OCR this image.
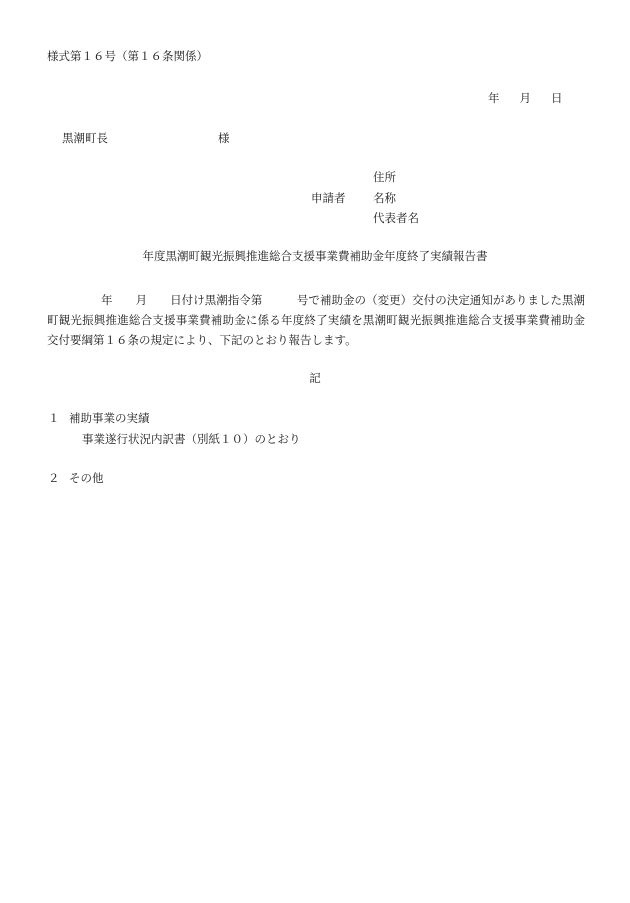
様式第１６号（第１６条関係）
年 月 日
黒潮町長	様
住所
申請者 名称
代表者名
年度黒潮町観光振興推進総合支援事業費補助金年度終了実績報告書
年　　月　　日付け黒潮指令第　　　号で補助金の（変更）交付の決定通知がありました黒潮町観光振興推進総合支援事業費補助金に係る年度終了実績を黒潮町観光振興推進総合支援事業費補助金交付要綱第１６条の規定により、下記のとおり報告します。
記
１ 補助事業の実績
事業遂行状況内訳書（別紙１０）のとおり
２ その他
